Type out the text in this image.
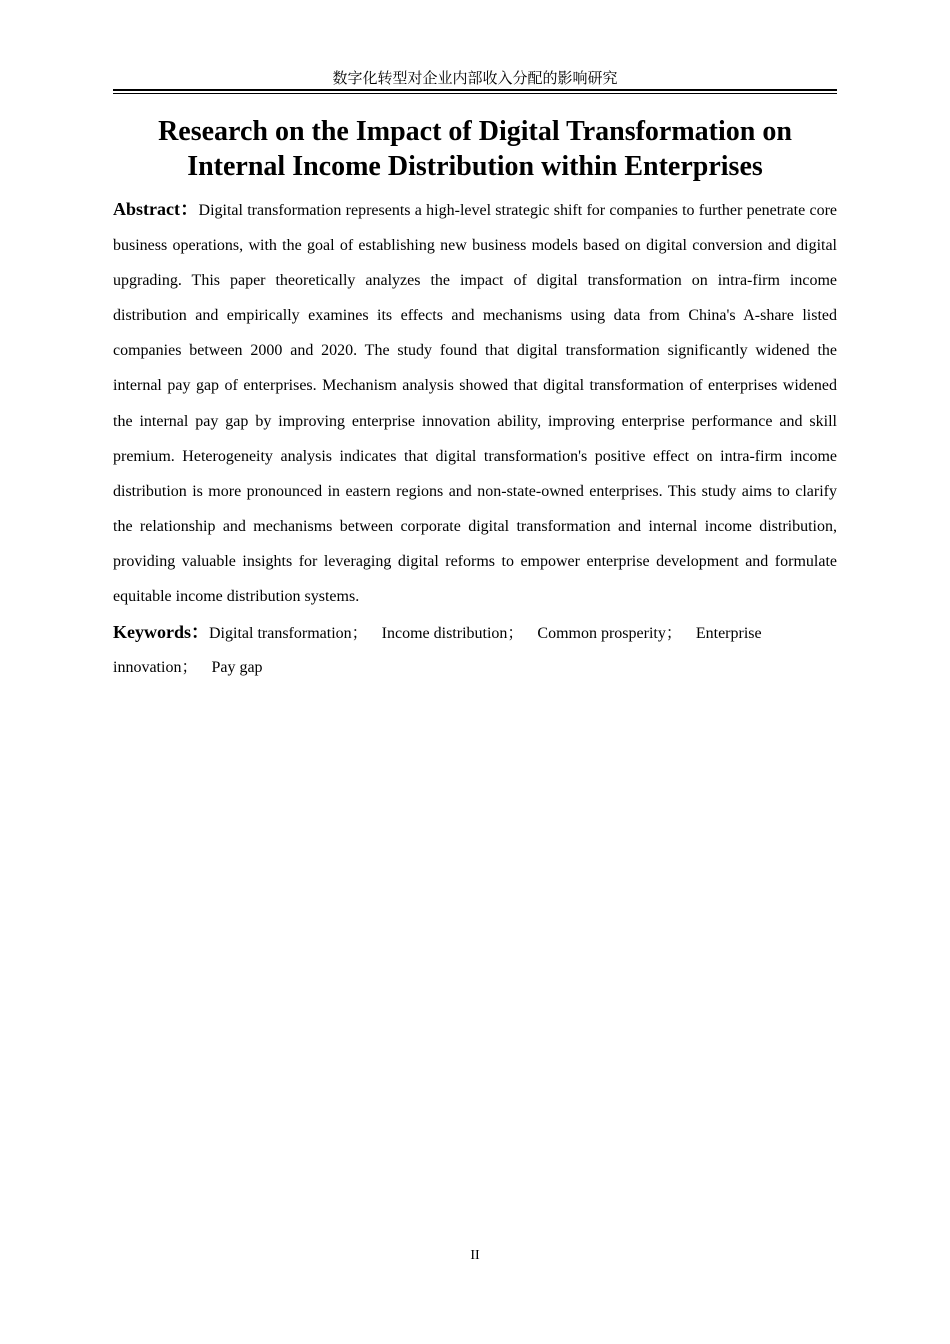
数字化转型对企业内部收入分配的影响研究
Research on the Impact of Digital Transformation on
Internal Income Distribution within Enterprises

Abstract：Digital transformation represents a high-level strategic shift for companies to further penetrate core business operations, with the goal of establishing new business models based on digital conversion and digital upgrading. This paper theoretically analyzes the impact of digital transformation on intra-firm income distribution and empirically examines its effects and mechanisms using data from China's A-share listed companies between 2000 and 2020. The study found that digital transformation significantly widened the internal pay gap of enterprises. Mechanism analysis showed that digital transformation of enterprises widened the internal pay gap by improving enterprise innovation ability, improving enterprise performance and skill premium. Heterogeneity analysis indicates that digital transformation's positive effect on intra-firm income distribution is more pronounced in eastern regions and non-state-owned enterprises. This study aims to clarify the relationship and mechanisms between corporate digital transformation and internal income distribution, providing valuable insights for leveraging digital reforms to empower enterprise development and formulate equitable income distribution systems.

Keywords：Digital transformation； Income distribution； Common prosperity； Enterprise innovation； Pay gap

II
